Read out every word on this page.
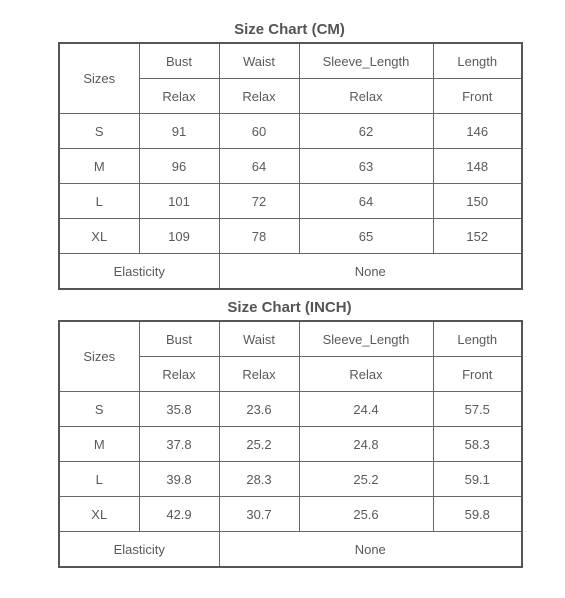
Size Chart (CM)
Sizes	Bust	Waist	Sleeve_Length	Length
	Relax	Relax	Relax	Front
S	91	60	62	146
M	96	64	63	148
L	101	72	64	150
XL	109	78	65	152
Elasticity		None		
Size Chart (INCH)
Sizes	Bust	Waist	Sleeve_Length	Length
	Relax	Relax	Relax	Front
S	35.8	23.6	24.4	57.5
M	37.8	25.2	24.8	58.3
L	39.8	28.3	25.2	59.1
XL	42.9	30.7	25.6	59.8
Elasticity		None		
